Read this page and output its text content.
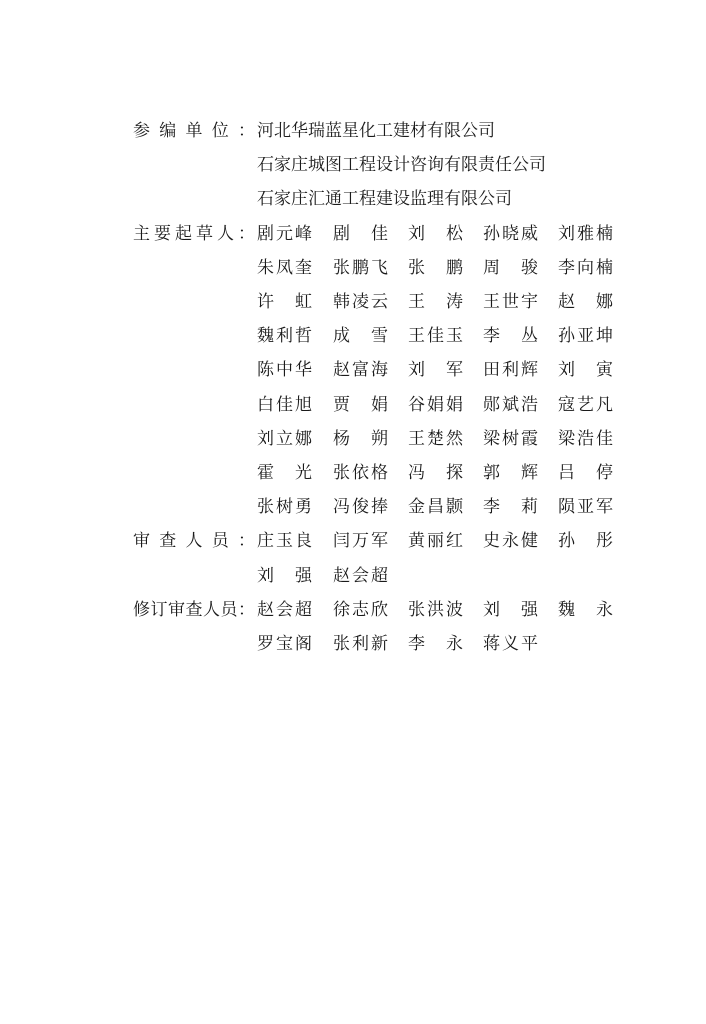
参 编 单 位 ： 河北华瑞蓝星化工建材有限公司
石家庄城图工程设计咨询有限责任公司
石家庄汇通工程建设监理有限公司
主 要 起 草 人 ： 剧元峰 剧 佳 刘 松 孙晓威 刘雅楠
朱凤奎 张鹏飞 张 鹏 周 骏 李向楠
许 虹 韩凌云 王 涛 王世宇 赵 娜
魏利哲 成 雪 王佳玉 李 丛 孙亚坤
陈中华 赵富海 刘 军 田利辉 刘 寅
白佳旭 贾 娟 谷娟娟 郧斌浩 寇艺凡
刘立娜 杨 朔 王楚然 梁树霞 梁浩佳
霍 光 张依格 冯 探 郭 辉 吕 停
张树勇 冯俊捧 金昌颢 李 莉 陨亚军
审 查 人 员 ： 庄玉良 闫万军 黄丽红 史永健 孙 彤
刘 强 赵会超
修 订 审 查 人 员 ： 赵会超 徐志欣 张洪波 刘 强 魏 永
罗宝阁 张利新 李 永 蒋义平
